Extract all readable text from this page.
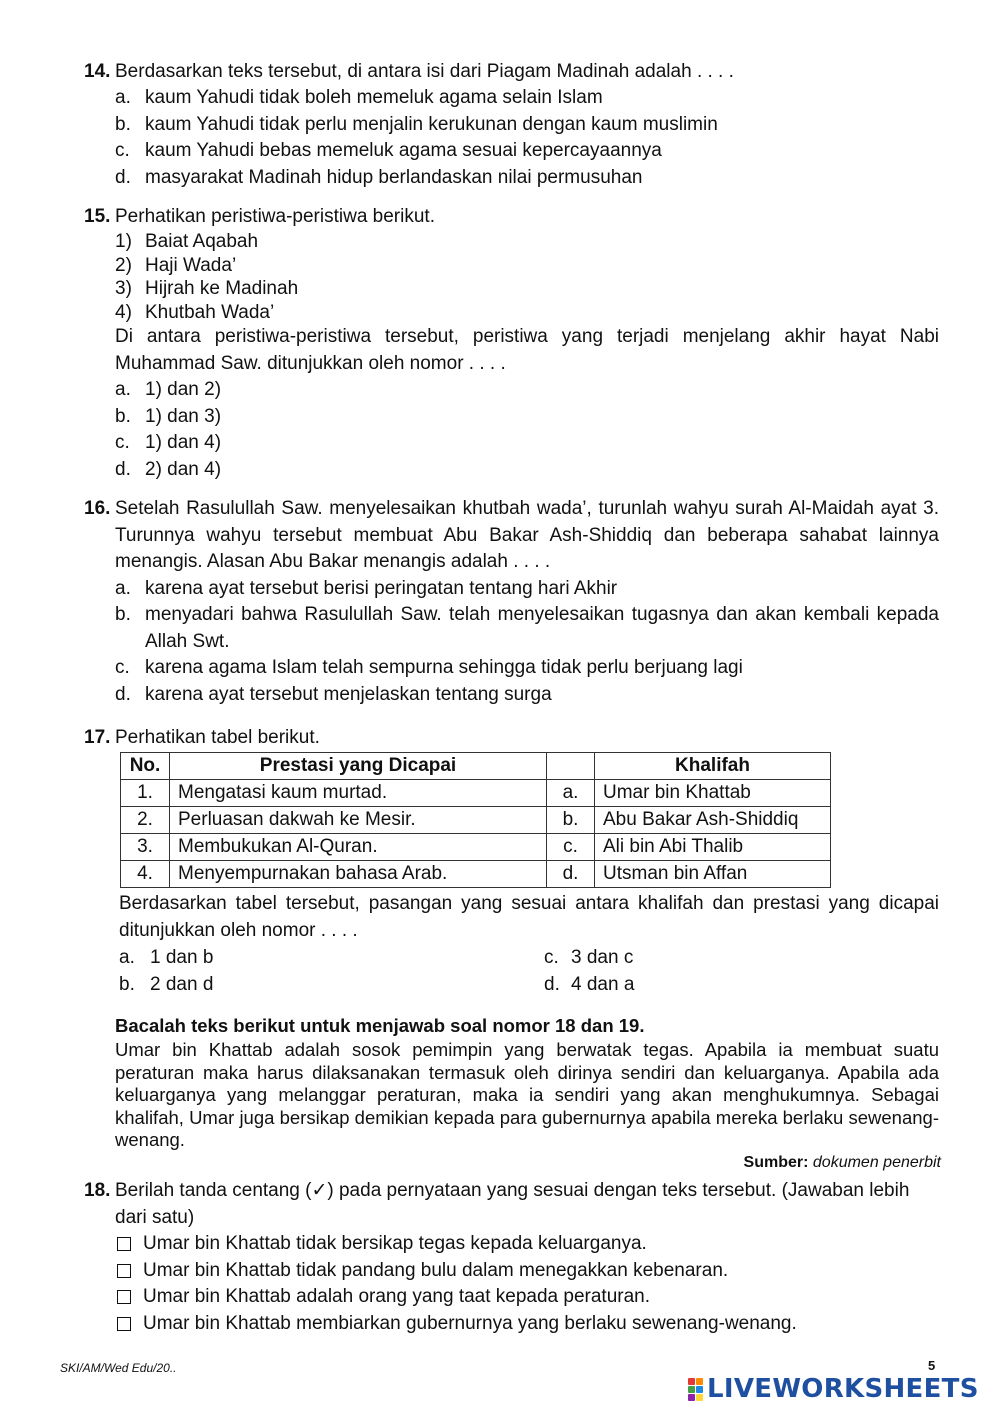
14. Berdasarkan teks tersebut, di antara isi dari Piagam Madinah adalah . . . .
a. kaum Yahudi tidak boleh memeluk agama selain Islam
b. kaum Yahudi tidak perlu menjalin kerukunan dengan kaum muslimin
c. kaum Yahudi bebas memeluk agama sesuai kepercayaannya
d. masyarakat Madinah hidup berlandaskan nilai permusuhan
15. Perhatikan peristiwa-peristiwa berikut.
1) Baiat Aqabah
2) Haji Wada’
3) Hijrah ke Madinah
4) Khutbah Wada’
Di antara peristiwa-peristiwa tersebut, peristiwa yang terjadi menjelang akhir hayat Nabi Muhammad Saw. ditunjukkan oleh nomor . . . .
a. 1) dan 2)
b. 1) dan 3)
c. 1) dan 4)
d. 2) dan 4)
16. Setelah Rasulullah Saw. menyelesaikan khutbah wada’, turunlah wahyu surah Al-Maidah ayat 3. Turunnya wahyu tersebut membuat Abu Bakar Ash-Shiddiq dan beberapa sahabat lainnya menangis. Alasan Abu Bakar menangis adalah . . . .
a. karena ayat tersebut berisi peringatan tentang hari Akhir
b. menyadari bahwa Rasulullah Saw. telah menyelesaikan tugasnya dan akan kembali kepada Allah Swt.
c. karena agama Islam telah sempurna sehingga tidak perlu berjuang lagi
d. karena ayat tersebut menjelaskan tentang surga
17. Perhatikan tabel berikut.
No.	Prestasi yang Dicapai		Khalifah
1.	Mengatasi kaum murtad.	a.	Umar bin Khattab
2.	Perluasan dakwah ke Mesir.	b.	Abu Bakar Ash-Shiddiq
3.	Membukukan Al-Quran.	c.	Ali bin Abi Thalib
4.	Menyempurnakan bahasa Arab.	d.	Utsman bin Affan
Berdasarkan tabel tersebut, pasangan yang sesuai antara khalifah dan prestasi yang dicapai ditunjukkan oleh nomor . . . .
a. 1 dan b	c. 3 dan c
b. 2 dan d	d. 4 dan a
Bacalah teks berikut untuk menjawab soal nomor 18 dan 19.
Umar bin Khattab adalah sosok pemimpin yang berwatak tegas. Apabila ia membuat suatu peraturan maka harus dilaksanakan termasuk oleh dirinya sendiri dan keluarganya. Apabila ada keluarganya yang melanggar peraturan, maka ia sendiri yang akan menghukumnya. Sebagai khalifah, Umar juga bersikap demikian kepada para gubernurnya apabila mereka berlaku sewenang-wenang.
Sumber: dokumen penerbit
18. Berilah tanda centang (✓) pada pernyataan yang sesuai dengan teks tersebut. (Jawaban lebih dari satu)
Umar bin Khattab tidak bersikap tegas kepada keluarganya.
Umar bin Khattab tidak pandang bulu dalam menegakkan kebenaran.
Umar bin Khattab adalah orang yang taat kepada peraturan.
Umar bin Khattab membiarkan gubernurnya yang berlaku sewenang-wenang.
SKI/AM/Wed Edu/20..	5
LIVEWORKSHEETS
